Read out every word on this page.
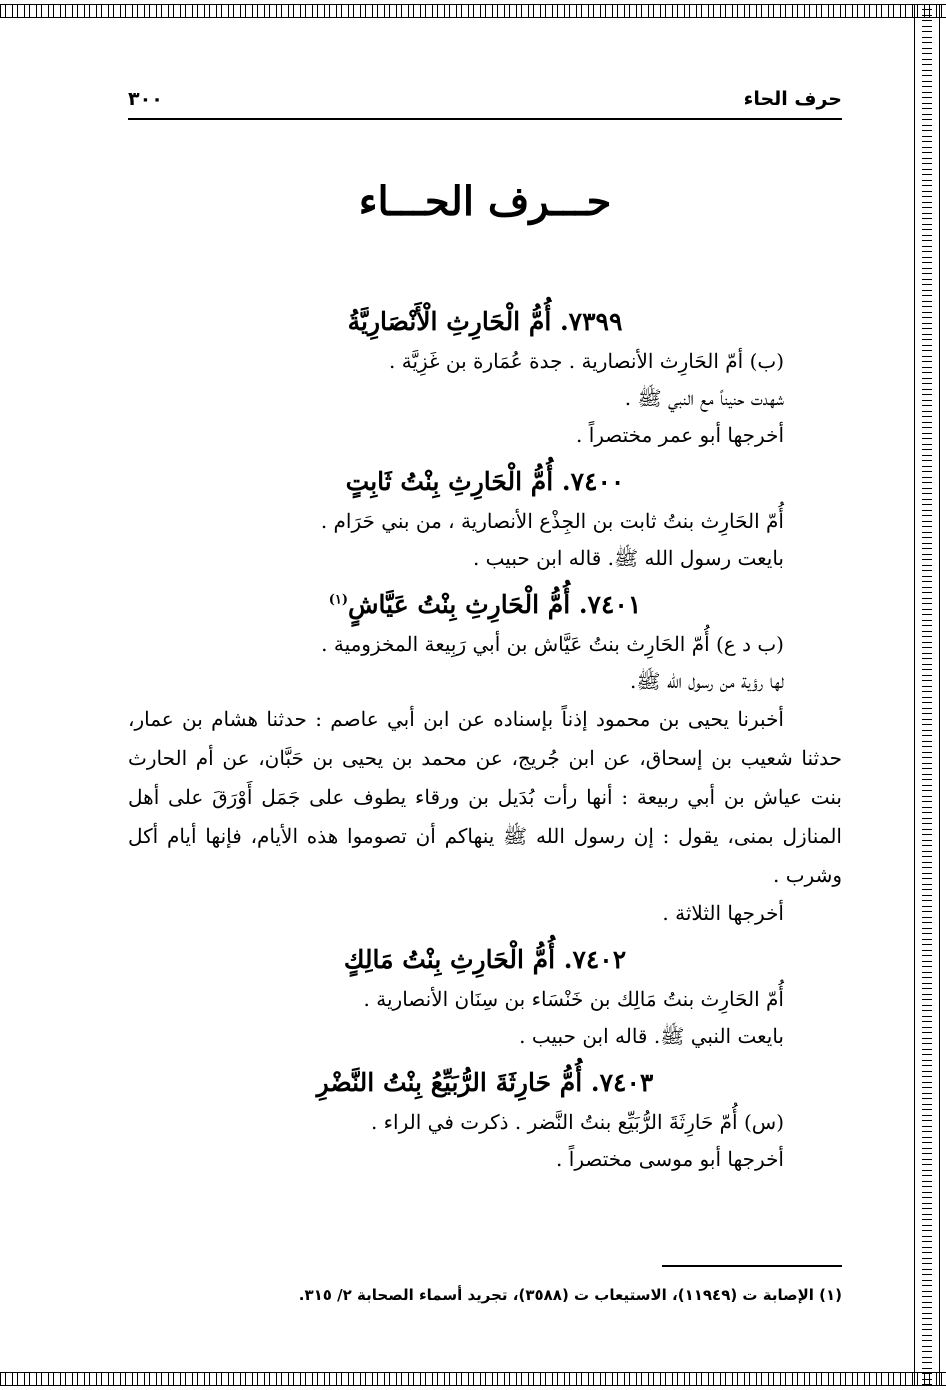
حرف الحاء
٣٠٠
حـــرف الحـــاء
٧٣٩٩. أُمُّ الْحَارِثِ الْأَنْصَارِيَّةُ
(ب) أمّ الحَارِث الأنصارية . جدة عُمَارة بن غَزِيَّة .
شهدت حنيناً مع النبي ﷺ .
أخرجها أبو عمر مختصراً .
٧٤٠٠. أُمُّ الْحَارِثِ بِنْتُ ثَابِتٍ
أُمّ الحَارِث بنتُ ثابت بن الجِذْع الأنصارية ، من بني حَرَام .
بايعت رسول الله ﷺ. قاله ابن حبيب .
٧٤٠١. أُمُّ الْحَارِثِ بِنْتُ عَيَّاشٍ$^{(١)}$
(ب د ع) أُمّ الحَارِث بنتُ عَيَّاش بن أبي رَبِيعة المخزومية .
لها رؤية من رسول الله ﷺ.

أخبرنا يحيى بن محمود إذناً بإسناده عن ابن أبي عاصم : حدثنا هشام بن عمار، حدثنا شعيب بن إسحاق، عن ابن جُريج، عن محمد بن يحيى بن حَبَّان، عن أم الحارث بنت عياش بن أبي ربيعة : أنها رأت بُدَيل بن ورقاء يطوف على جَمَل أَوْرَقَ على أهل المنازل بمنى، يقول : إن رسول الله ﷺ ينهاكم أن تصوموا هذه الأيام، فإنها أيام أكل وشرب .

أخرجها الثلاثة .
٧٤٠٢. أُمُّ الْحَارِثِ بِنْتُ مَالِكٍ
أُمّ الحَارِث بنتُ مَالِك بن خَنْسَاء بن سِنَان الأنصارية .
بايعت النبي ﷺ. قاله ابن حبيب .
٧٤٠٣. أُمُّ حَارِثَةَ الرُّبَيِّعُ بِنْتُ النَّضْرِ
(س) أُمّ حَارِثَةَ الرُّبَيِّع بنتُ النَّضر . ذكرت في الراء .
أخرجها أبو موسى مختصراً .
(١) الإصابة ت (١١٩٤٩)، الاستيعاب ت (٣٥٨٨)، تجريد أسماء الصحابة ٢/ ٣١٥.
